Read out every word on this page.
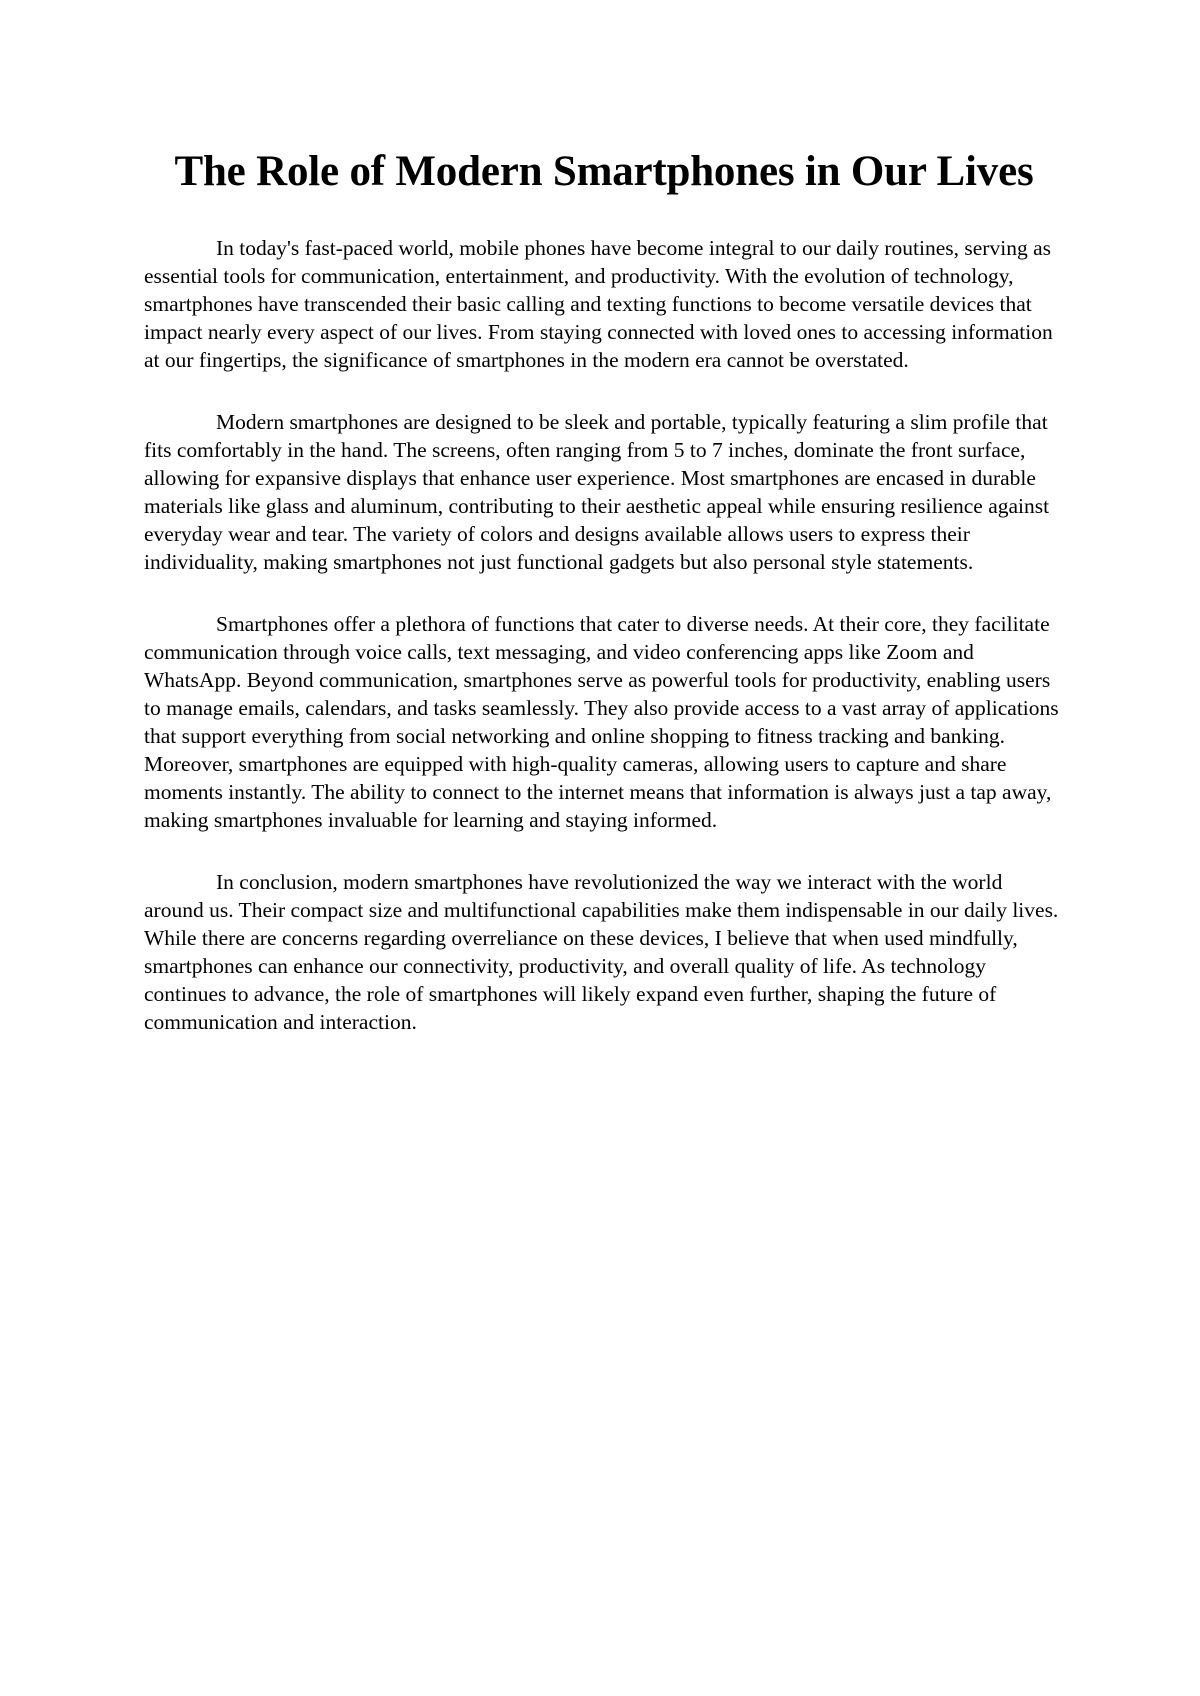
The Role of Modern Smartphones in Our Lives

In today's fast-paced world, mobile phones have become integral to our daily routines, serving as essential tools for communication, entertainment, and productivity. With the evolution of technology, smartphones have transcended their basic calling and texting functions to become versatile devices that impact nearly every aspect of our lives. From staying connected with loved ones to accessing information at our fingertips, the significance of smartphones in the modern era cannot be overstated.

Modern smartphones are designed to be sleek and portable, typically featuring a slim profile that fits comfortably in the hand. The screens, often ranging from 5 to 7 inches, dominate the front surface, allowing for expansive displays that enhance user experience. Most smartphones are encased in durable materials like glass and aluminum, contributing to their aesthetic appeal while ensuring resilience against everyday wear and tear. The variety of colors and designs available allows users to express their individuality, making smartphones not just functional gadgets but also personal style statements.

Smartphones offer a plethora of functions that cater to diverse needs. At their core, they facilitate communication through voice calls, text messaging, and video conferencing apps like Zoom and WhatsApp. Beyond communication, smartphones serve as powerful tools for productivity, enabling users to manage emails, calendars, and tasks seamlessly. They also provide access to a vast array of applications that support everything from social networking and online shopping to fitness tracking and banking. Moreover, smartphones are equipped with high-quality cameras, allowing users to capture and share moments instantly. The ability to connect to the internet means that information is always just a tap away, making smartphones invaluable for learning and staying informed.

In conclusion, modern smartphones have revolutionized the way we interact with the world around us. Their compact size and multifunctional capabilities make them indispensable in our daily lives. While there are concerns regarding overreliance on these devices, I believe that when used mindfully, smartphones can enhance our connectivity, productivity, and overall quality of life. As technology continues to advance, the role of smartphones will likely expand even further, shaping the future of communication and interaction.
